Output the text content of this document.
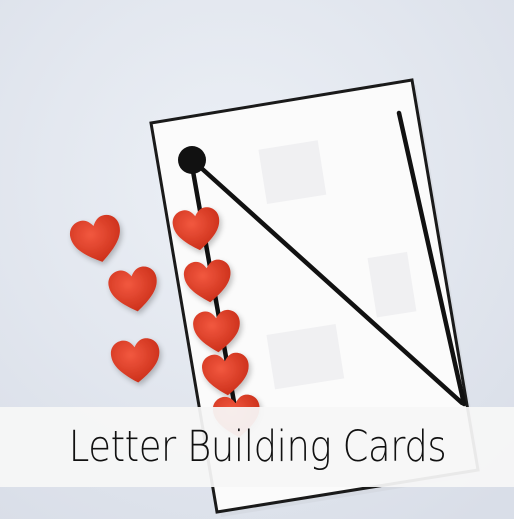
Letter Building Cards
